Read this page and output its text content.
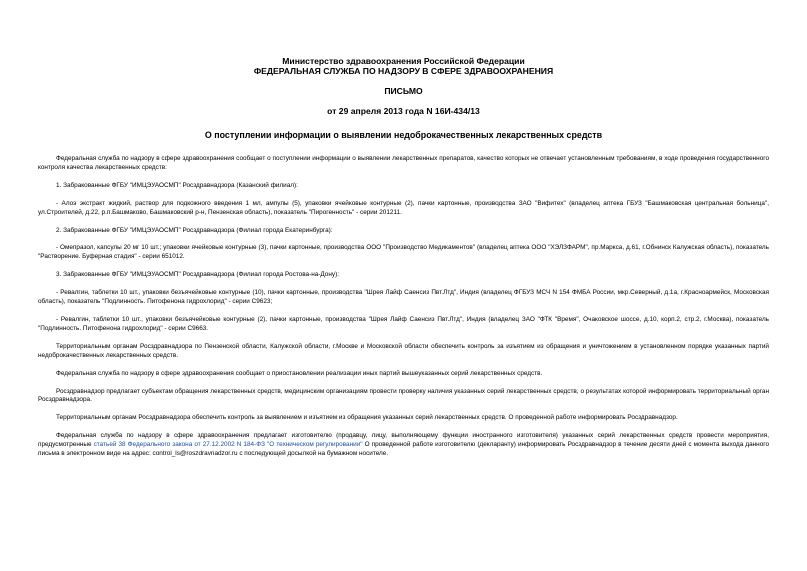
Министерство здравоохранения Российской Федерации
ФЕДЕРАЛЬНАЯ СЛУЖБА ПО НАДЗОРУ В СФЕРЕ ЗДРАВООХРАНЕНИЯ
ПИСЬМО
от 29 апреля 2013 года N 16И-434/13
О поступлении информации о выявлении недоброкачественных лекарственных средств

Федеральная служба по надзору в сфере здравоохранения сообщает о поступлении информации о выявлении лекарственных препаратов, качество которых не отвечает установленным требованиям, в ходе проведения государственного контроля качества лекарственных средств:

1. Забракованные ФГБУ "ИМЦЭУАОСМП" Росздравнадзора (Казанский филиал):

- Алоэ экстракт жидкий, раствор для подкожного введения 1 мл, ампулы (5), упаковки ячейковые контурные (2), пачки картонные, производства ЗАО "Вифитех" (владелец аптека ГБУЗ "Башмаковская центральная больница", ул.Строителей, д.22, р.п.Башмаково, Башмаковский р-н, Пензенская область), показатель "Пирогенность" - серии 201211.

2. Забракованные ФГБУ "ИМЦЭУАОСМП" Росздравнадзора (Филиал города Екатеринбурга):

- Омепразол, капсулы 20 мг 10 шт.; упаковки ячейковые контурные (3), пачки картонные, производства ООО "Производство Медикаментов" (владелец аптека ООО "ХЭЛЗФАРМ", пр.Маркса, д.61, г.Обнинск Калужская область), показатель "Растворение. Буферная стадия" - серии 651012.

3. Забракованные ФГБУ "ИМЦЭУАОСМП" Росздравнадзора (Филиал города Ростова-на-Дону):

- Ревалгин, таблетки 10 шт., упаковки безъячейковые контурные (10), пачки картонные, производства "Шрея Лайф Саенсиз Пвт.Лтд", Индия (владелец ФГБУЗ МСЧ N 154 ФМБА России, мкр.Северный, д.1а, г.Красноармейск, Московская область), показатель "Подлинность. Питофенона гидрохлорид" - серии С9623;

- Ревалгин, таблетки 10 шт., упаковки безъячейковые контурные (2), пачки картонные, производства "Шрея Лайф Саенсиз Пвт.Лтд", Индия (владелец ЗАО "ФТК "Время", Очаковское шоссе, д.10, корп.2, стр.2, г.Москва), показатель "Подлинность. Питофенона гидрохлорид" - серии С9663.

Территориальным органам Росздравнадзора по Пензенской области, Калужской области, г.Москве и Московской области обеспечить контроль за изъятием из обращения и уничтожением в установленном порядке указанных партий недоброкачественных лекарственных средств.

Федеральная служба по надзору в сфере здравоохранения сообщает о приостановлении реализации иных партий вышеуказанных серий лекарственных средств.

Росздравнадзор предлагает субъектам обращения лекарственных средств, медицинским организациям провести проверку наличия указанных серий лекарственных средств, о результатах которой информировать территориальный орган Росздравнадзора.

Территориальным органам Росздравнадзора обеспечить контроль за выявлением и изъятием из обращения указанных серий лекарственных средств. О проведенной работе информировать Росздравнадзор.

Федеральная служба по надзору в сфере здравоохранения предлагает изготовителю (продавцу, лицу, выполняющему функции иностранного изготовителя) указанных серий лекарственных средств провести мероприятия, предусмотренные статьей 38 Федерального закона от 27.12.2002 N 184-ФЗ "О техническом регулировании" О проведенной работе изготовителю (декларанту) информировать Росздравнадзор в течение десяти дней с момента выхода данного письма в электронном виде на адрес: control_ls@roszdravnadzor.ru с последующей досылкой на бумажном носителе.
